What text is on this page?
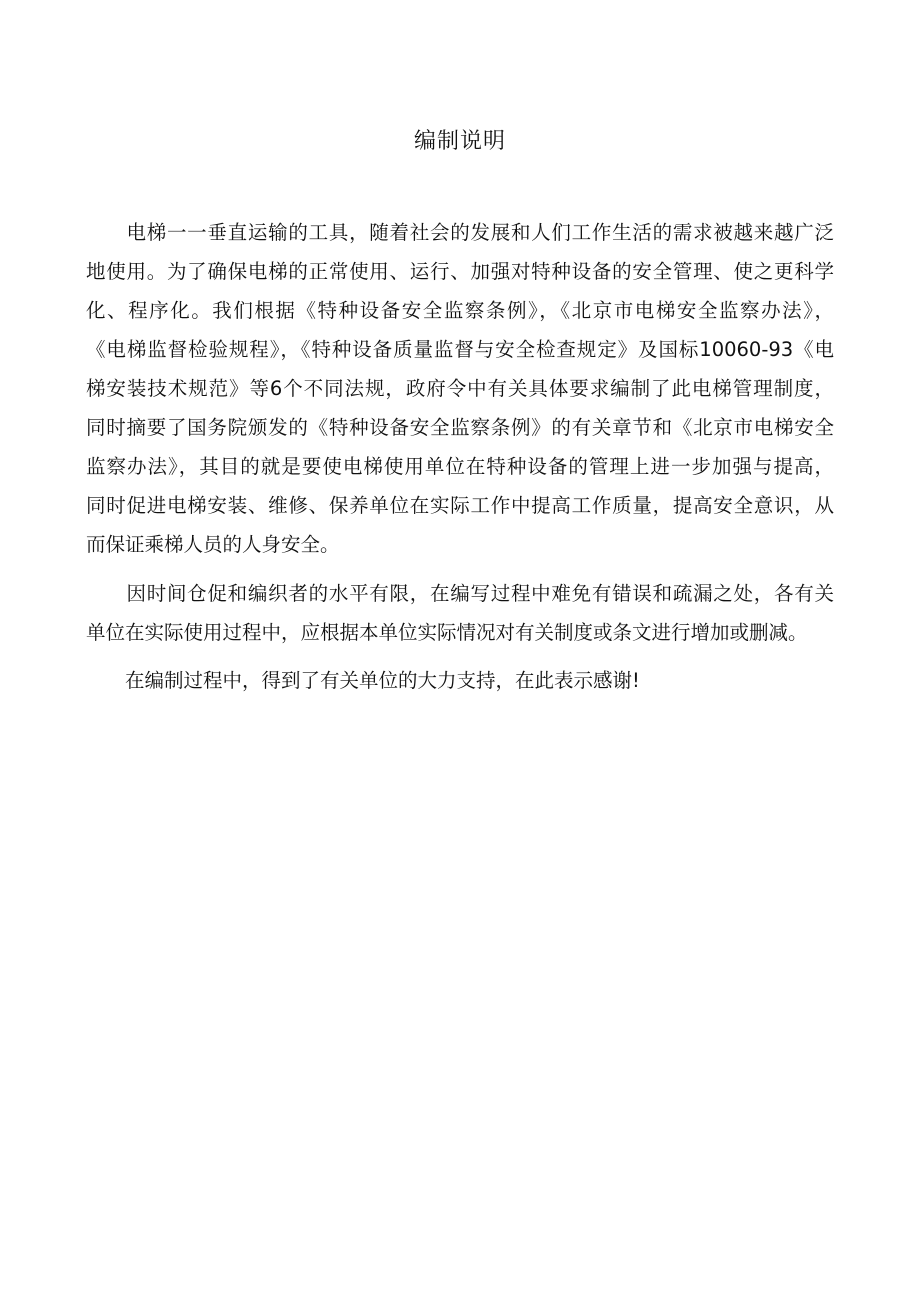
编制说明
　　电梯一一垂直运输的工具，随着社会的发展和人们工作生活的需求被越来越广泛
地使用。为了确保电梯的正常使用、运行、加强对特种设备的安全管理、使之更科学
化、程序化。我们根据《特种设备安全监察条例》，《北京市电梯安全监察办法》，
《电梯监督检验规程》，《特种设备质量监督与安全检查规定》及国标10060-93《电
梯安装技术规范》等6个不同法规，政府令中有关具体要求编制了此电梯管理制度，
同时摘要了国务院颁发的《特种设备安全监察条例》的有关章节和《北京市电梯安全
监察办法》，其目的就是要使电梯使用单位在特种设备的管理上进一步加强与提高，
同时促进电梯安装、维修、保养单位在实际工作中提高工作质量，提高安全意识，从
而保证乘梯人员的人身安全。
　　因时间仓促和编织者的水平有限，在编写过程中难免有错误和疏漏之处，各有关
单位在实际使用过程中，应根据本单位实际情况对有关制度或条文进行增加或删减。
　　在编制过程中，得到了有关单位的大力支持，在此表示感谢!
